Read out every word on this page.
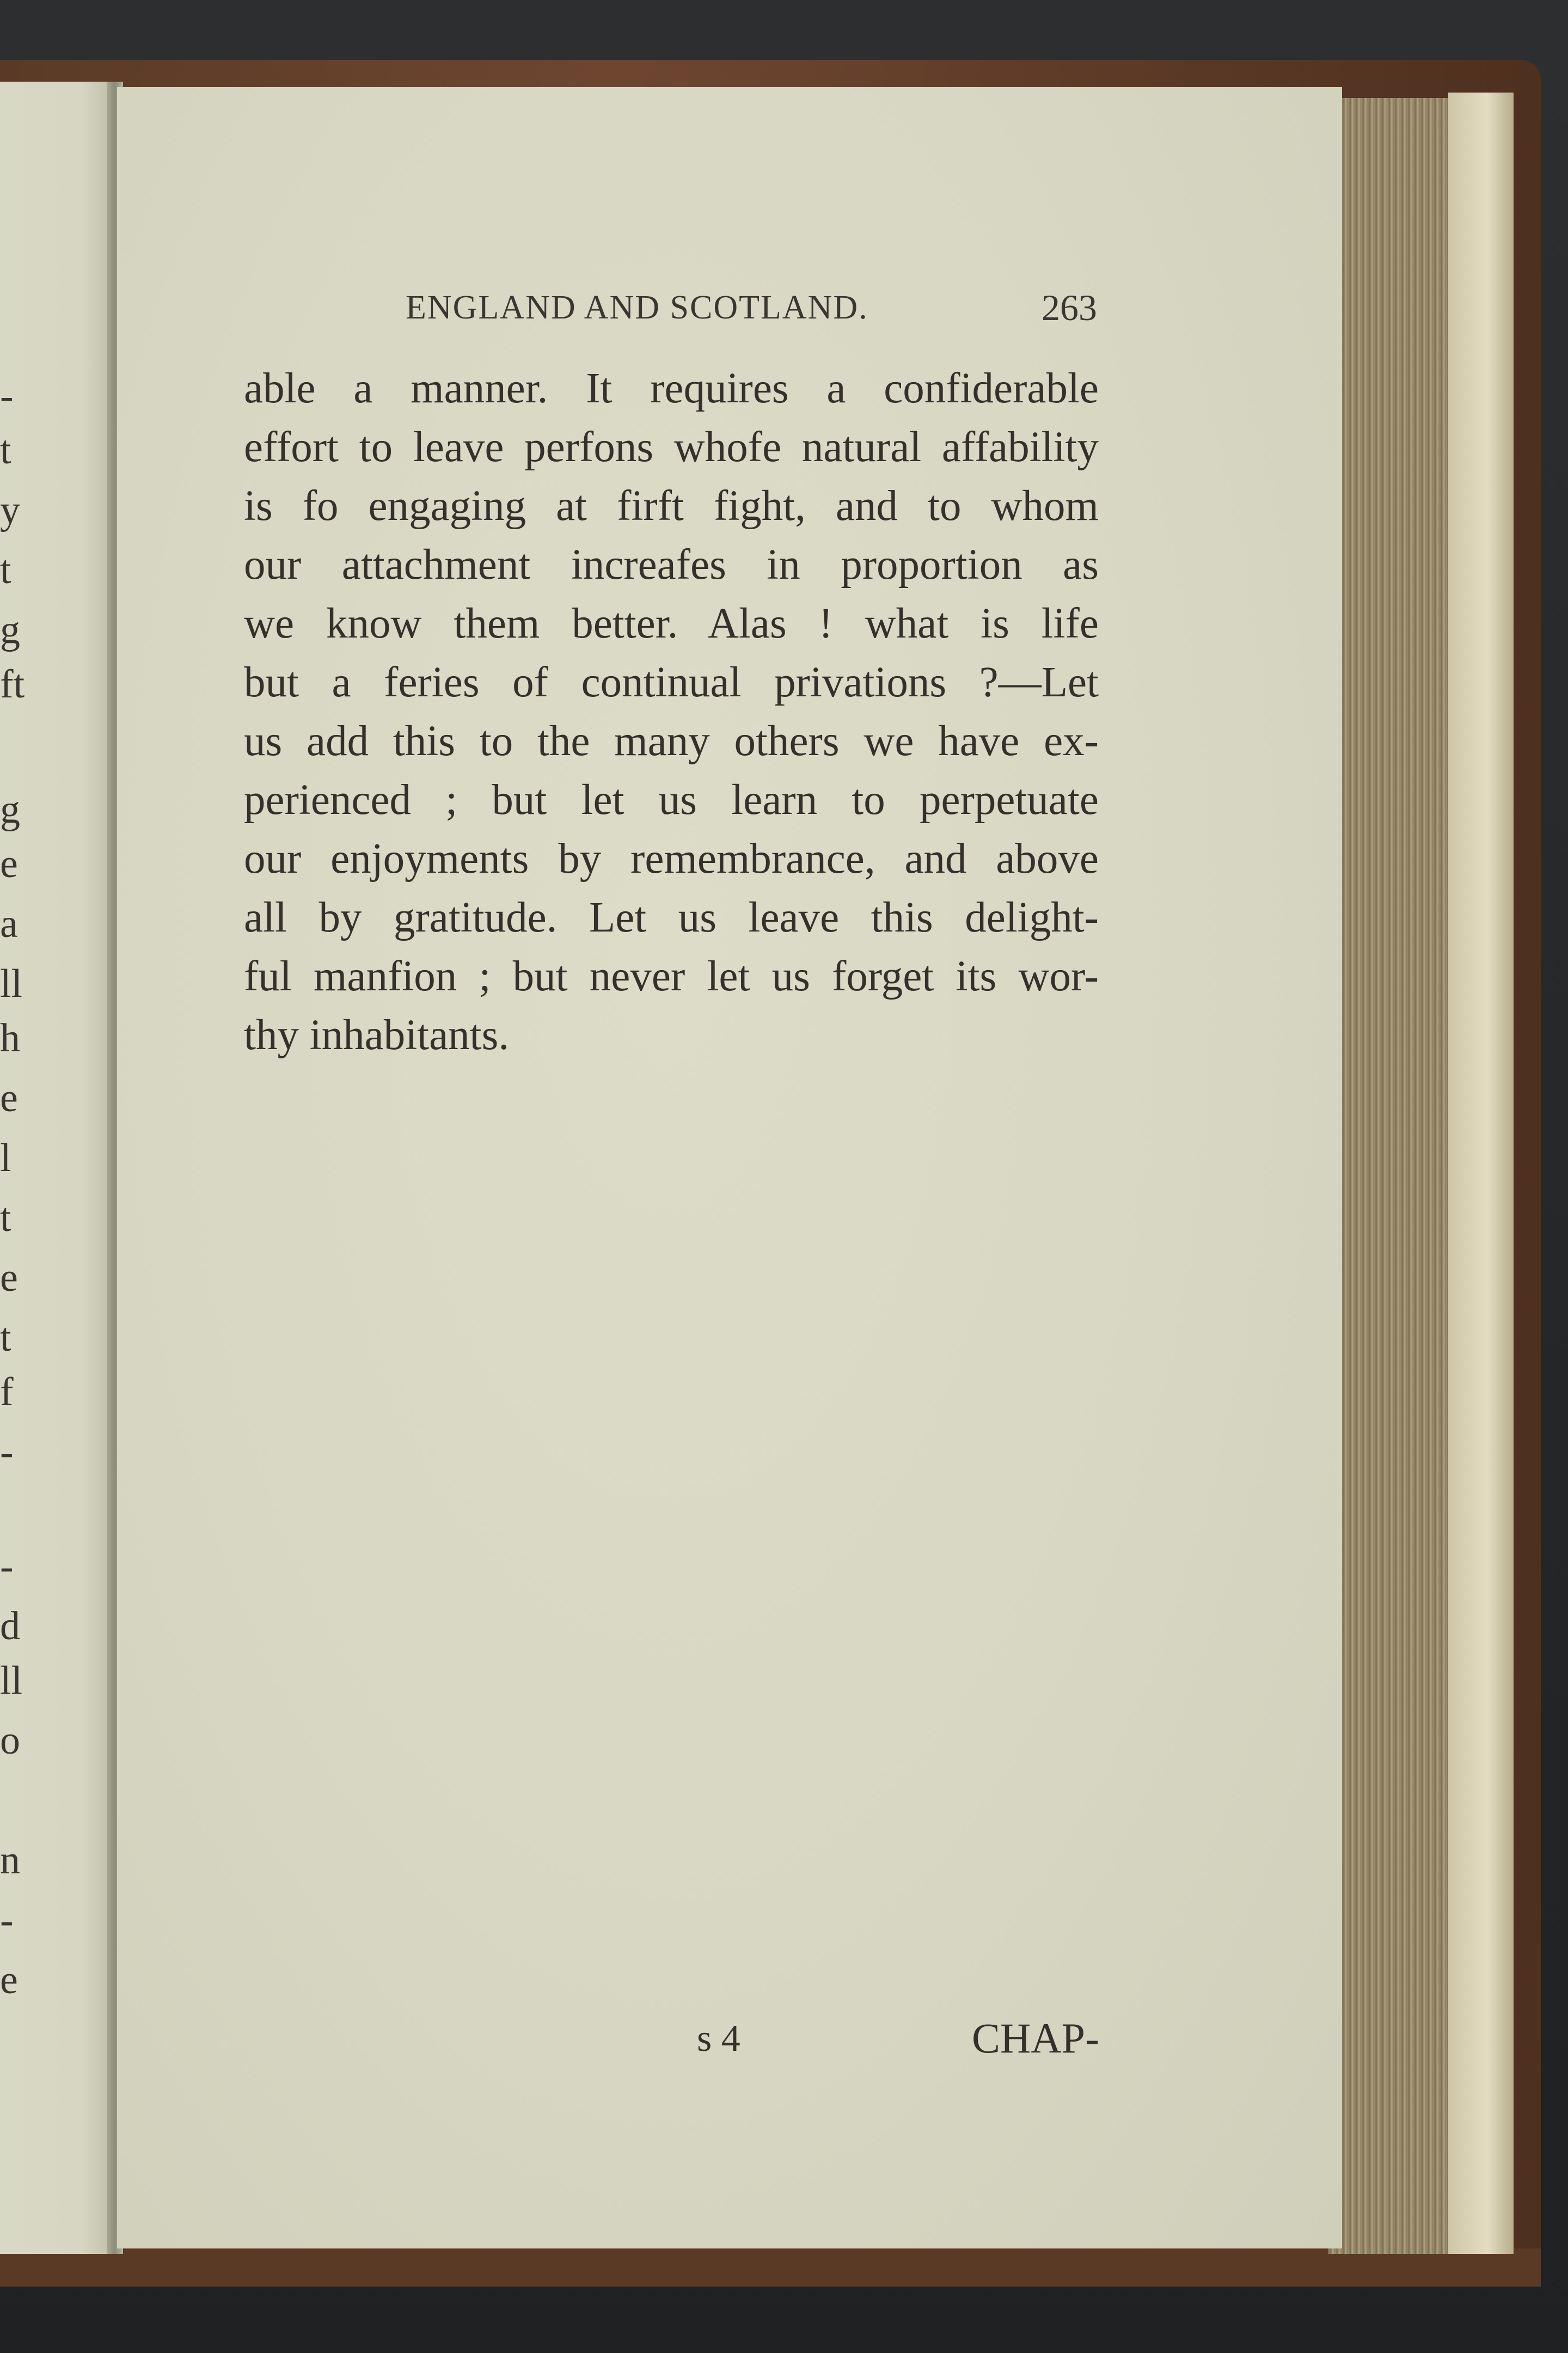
-
t
y
t
g
ft
g
e
a
ll
h
e
l
t
e
t
f
-
-
d
ll
o
n
-
e
s 4	CHAP-
ENGLAND AND SCOTLAND.	263
able a manner. It requires a confiderable
effort to leave perfons whofe natural affability
is fo engaging at firft fight, and to whom
our attachment increafes in proportion as
we know them better. Alas ! what is life
but a feries of continual privations ?—Let
us add this to the many others we have ex-
perienced ; but let us learn to perpetuate
our enjoyments by remembrance, and above
all by gratitude. Let us leave this delight-
ful manfion ; but never let us forget its wor-
thy inhabitants.
